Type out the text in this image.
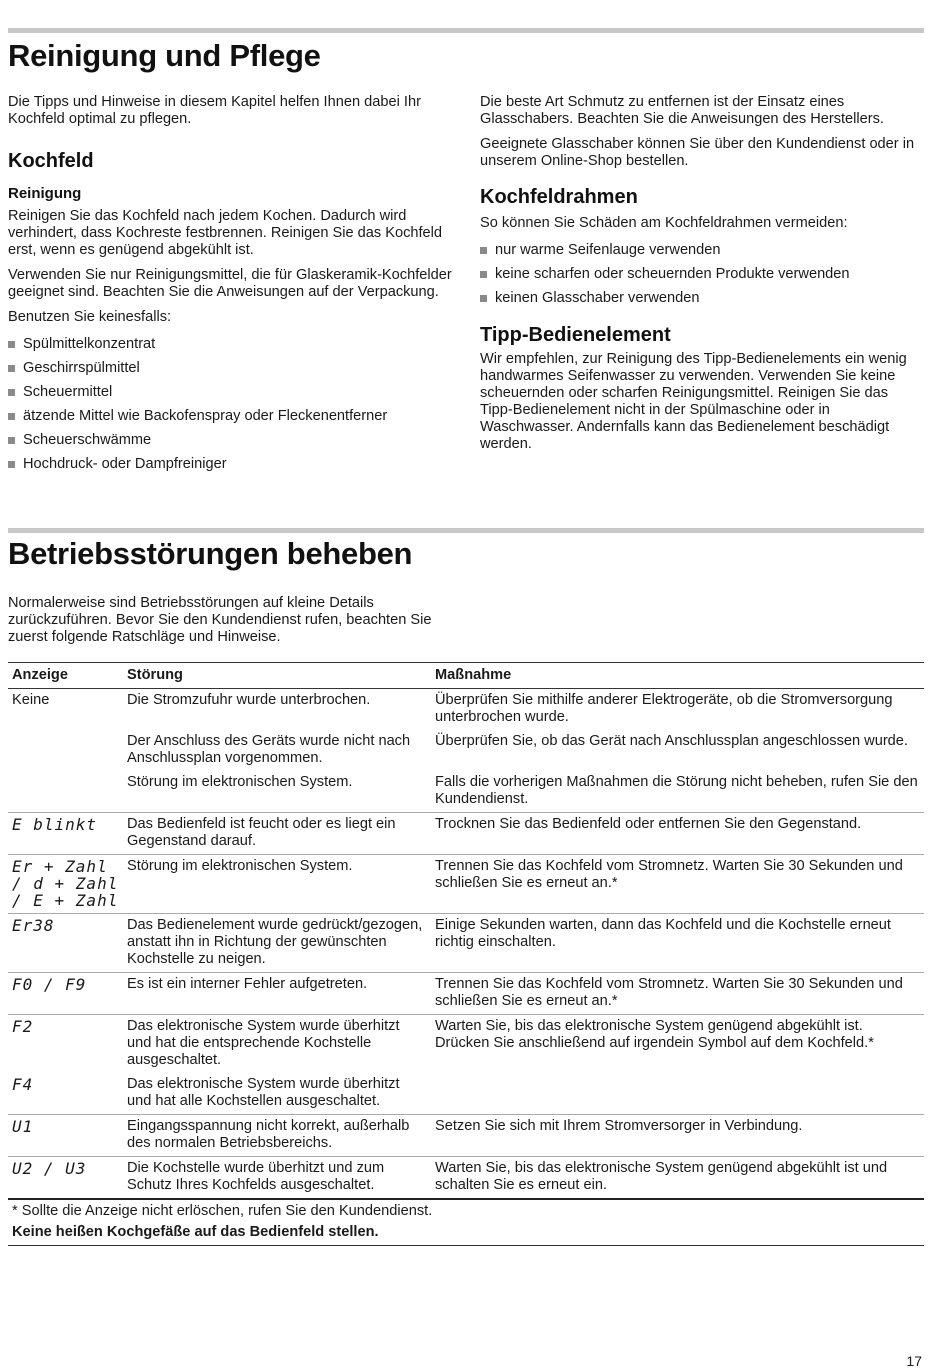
Reinigung und Pflege

Die Tipps und Hinweise in diesem Kapitel helfen Ihnen dabei Ihr Kochfeld optimal zu pflegen.

Kochfeld
Reinigung

Reinigen Sie das Kochfeld nach jedem Kochen. Dadurch wird verhindert, dass Kochreste festbrennen. Reinigen Sie das Kochfeld erst, wenn es genügend abgekühlt ist.

Verwenden Sie nur Reinigungsmittel, die für Glaskeramik-Kochfelder geeignet sind. Beachten Sie die Anweisungen auf der Verpackung.

Benutzen Sie keinesfalls:

Spülmittelkonzentrat
Geschirrspülmittel
Scheuermittel
ätzende Mittel wie Backofenspray oder Fleckenentferner
Scheuerschwämme
Hochdruck- oder Dampfreiniger

Die beste Art Schmutz zu entfernen ist der Einsatz eines Glasschabers. Beachten Sie die Anweisungen des Herstellers.

Geeignete Glasschaber können Sie über den Kundendienst oder in unserem Online-Shop bestellen.

Kochfeldrahmen

So können Sie Schäden am Kochfeldrahmen vermeiden:

nur warme Seifenlauge verwenden
keine scharfen oder scheuernden Produkte verwenden
keinen Glasschaber verwenden
Tipp-Bedienelement

Wir empfehlen, zur Reinigung des Tipp-Bedienelements ein wenig handwarmes Seifenwasser zu verwenden. Verwenden Sie keine scheuernden oder scharfen Reinigungsmittel. Reinigen Sie das Tipp-Bedienelement nicht in der Spülmaschine oder in Waschwasser. Andernfalls kann das Bedienelement beschädigt werden.

Betriebsstörungen beheben

Normalerweise sind Betriebsstörungen auf kleine Details zurückzuführen. Bevor Sie den Kundendienst rufen, beachten Sie zuerst folgende Ratschläge und Hinweise.

Anzeige	Störung	Maßnahme
Keine	Die Stromzufuhr wurde unterbrochen.	Überprüfen Sie mithilfe anderer Elektrogeräte, ob die Stromversorgung unterbrochen wurde.
	Der Anschluss des Geräts wurde nicht nach Anschlussplan vorgenommen.	Überprüfen Sie, ob das Gerät nach Anschlussplan angeschlossen wurde.
	Störung im elektronischen System.	Falls die vorherigen Maßnahmen die Störung nicht beheben, rufen Sie den Kundendienst.
E blinkt	Das Bedienfeld ist feucht oder es liegt ein Gegenstand darauf.	Trocknen Sie das Bedienfeld oder entfernen Sie den Gegenstand.
Er + Zahl / d + Zahl / E + Zahl	Störung im elektronischen System.	Trennen Sie das Kochfeld vom Stromnetz. Warten Sie 30 Sekunden und schließen Sie es erneut an.*
Er38	Das Bedienelement wurde gedrückt/gezogen, anstatt ihn in Richtung der gewünschten Kochstelle zu neigen.	Einige Sekunden warten, dann das Kochfeld und die Kochstelle erneut richtig einschalten.
F0 / F9	Es ist ein interner Fehler aufgetreten.	Trennen Sie das Kochfeld vom Stromnetz. Warten Sie 30 Sekunden und schließen Sie es erneut an.*
F2	Das elektronische System wurde überhitzt und hat die entsprechende Kochstelle ausgeschaltet.	Warten Sie, bis das elektronische System genügend abgekühlt ist. Drücken Sie anschließend auf irgendein Symbol auf dem Kochfeld.*
F4	Das elektronische System wurde überhitzt und hat alle Kochstellen ausgeschaltet.	
U1	Eingangsspannung nicht korrekt, außerhalb des normalen Betriebsbereichs.	Setzen Sie sich mit Ihrem Stromversorger in Verbindung.
U2 / U3	Die Kochstelle wurde überhitzt und zum Schutz Ihres Kochfelds ausgeschaltet.	Warten Sie, bis das elektronische System genügend abgekühlt ist und schalten Sie es erneut ein.

* Sollte die Anzeige nicht erlöschen, rufen Sie den Kundendienst.

Keine heißen Kochgefäße auf das Bedienfeld stellen.

17
